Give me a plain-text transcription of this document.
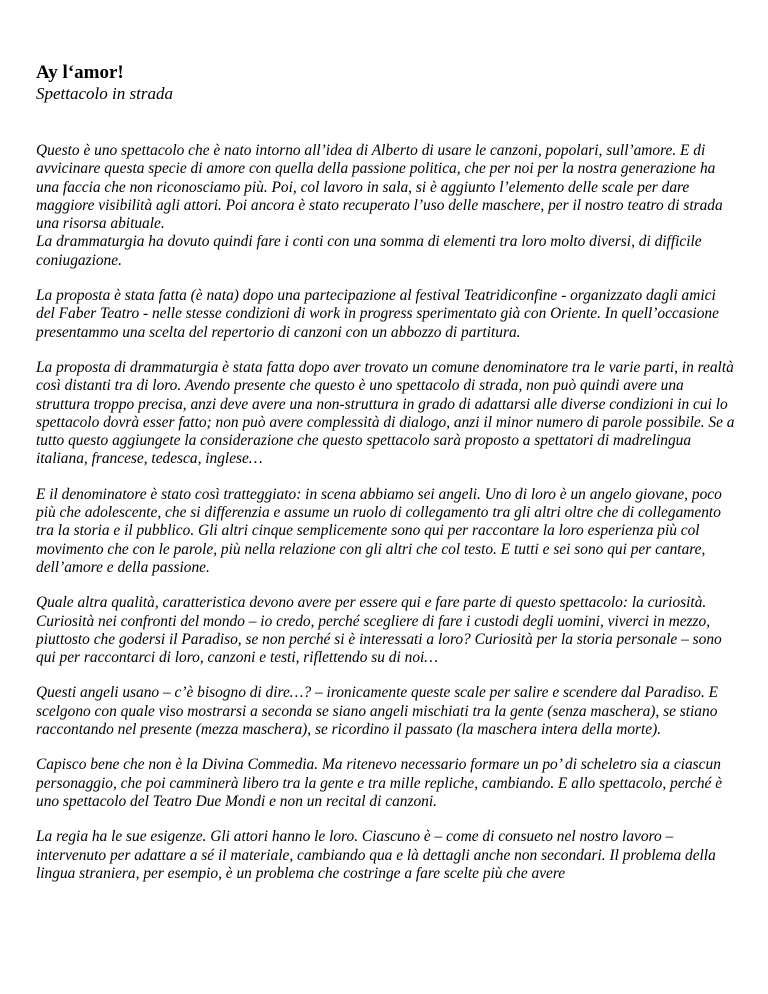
Ay l‘amor!

Spettacolo in strada

Questo è uno spettacolo che è nato intorno all’idea di Alberto di usare le canzoni, popolari, sull’amore. E di avvicinare questa specie di amore con quella della passione politica, che per noi per la nostra generazione ha una faccia che non riconosciamo più. Poi, col lavoro in sala, si è aggiunto l’elemento delle scale per dare maggiore visibilità agli attori. Poi ancora è stato recuperato l’uso delle maschere, per il nostro teatro di strada una risorsa abituale.
La drammaturgia ha dovuto quindi fare i conti con una somma di elementi tra loro molto diversi, di difficile coniugazione.
La proposta è stata fatta (è nata) dopo una partecipazione al festival Teatridiconfine - organizzato dagli amici del Faber Teatro - nelle stesse condizioni di work in progress sperimentato già con Oriente. In quell’occasione presentammo una scelta del repertorio di canzoni con un abbozzo di partitura.
La proposta di drammaturgia è stata fatta dopo aver trovato un comune denominatore tra le varie parti, in realtà così distanti tra di loro. Avendo presente che questo è uno spettacolo di strada, non può quindi avere una struttura troppo precisa, anzi deve avere una non-struttura in grado di adattarsi alle diverse condizioni in cui lo spettacolo dovrà esser fatto; non può avere complessità di dialogo, anzi il minor numero di parole possibile. Se a tutto questo aggiungete la considerazione che questo spettacolo sarà proposto a spettatori di madrelingua italiana, francese, tedesca, inglese…
E il denominatore è stato così tratteggiato: in scena abbiamo sei angeli. Uno di loro è un angelo giovane, poco più che adolescente, che si differenzia e assume un ruolo di collegamento tra gli altri oltre che di collegamento tra la storia e il pubblico. Gli altri cinque semplicemente sono qui per raccontare la loro esperienza più col movimento che con le parole, più nella relazione con gli altri che col testo. E tutti e sei sono qui per cantare, dell’amore e della passione.
Quale altra qualità, caratteristica devono avere per essere qui e fare parte di questo spettacolo: la curiosità. Curiosità nei confronti del mondo – io credo, perché scegliere di fare i custodi degli uomini, viverci in mezzo, piuttosto che godersi il Paradiso, se non perché si è interessati a loro? Curiosità per la storia personale – sono qui per raccontarci di loro, canzoni e testi, riflettendo su di noi…
Questi angeli usano – c’è bisogno di dire…? – ironicamente queste scale per salire e scendere dal Paradiso. E scelgono con quale viso mostrarsi a seconda se siano angeli mischiati tra la gente (senza maschera), se stiano raccontando nel presente (mezza maschera), se ricordino il passato (la maschera intera della morte).
Capisco bene che non è la Divina Commedia. Ma ritenevo necessario formare un po’ di scheletro sia a ciascun personaggio, che poi camminerà libero tra la gente e tra mille repliche, cambiando. E allo spettacolo, perché è uno spettacolo del Teatro Due Mondi e non un recital di canzoni.
La regia ha le sue esigenze. Gli attori hanno le loro. Ciascuno è – come di consueto nel nostro lavoro – intervenuto per adattare a sé il materiale, cambiando qua e là dettagli anche non secondari. Il problema della lingua straniera, per esempio, è un problema che costringe a fare scelte più che avere
